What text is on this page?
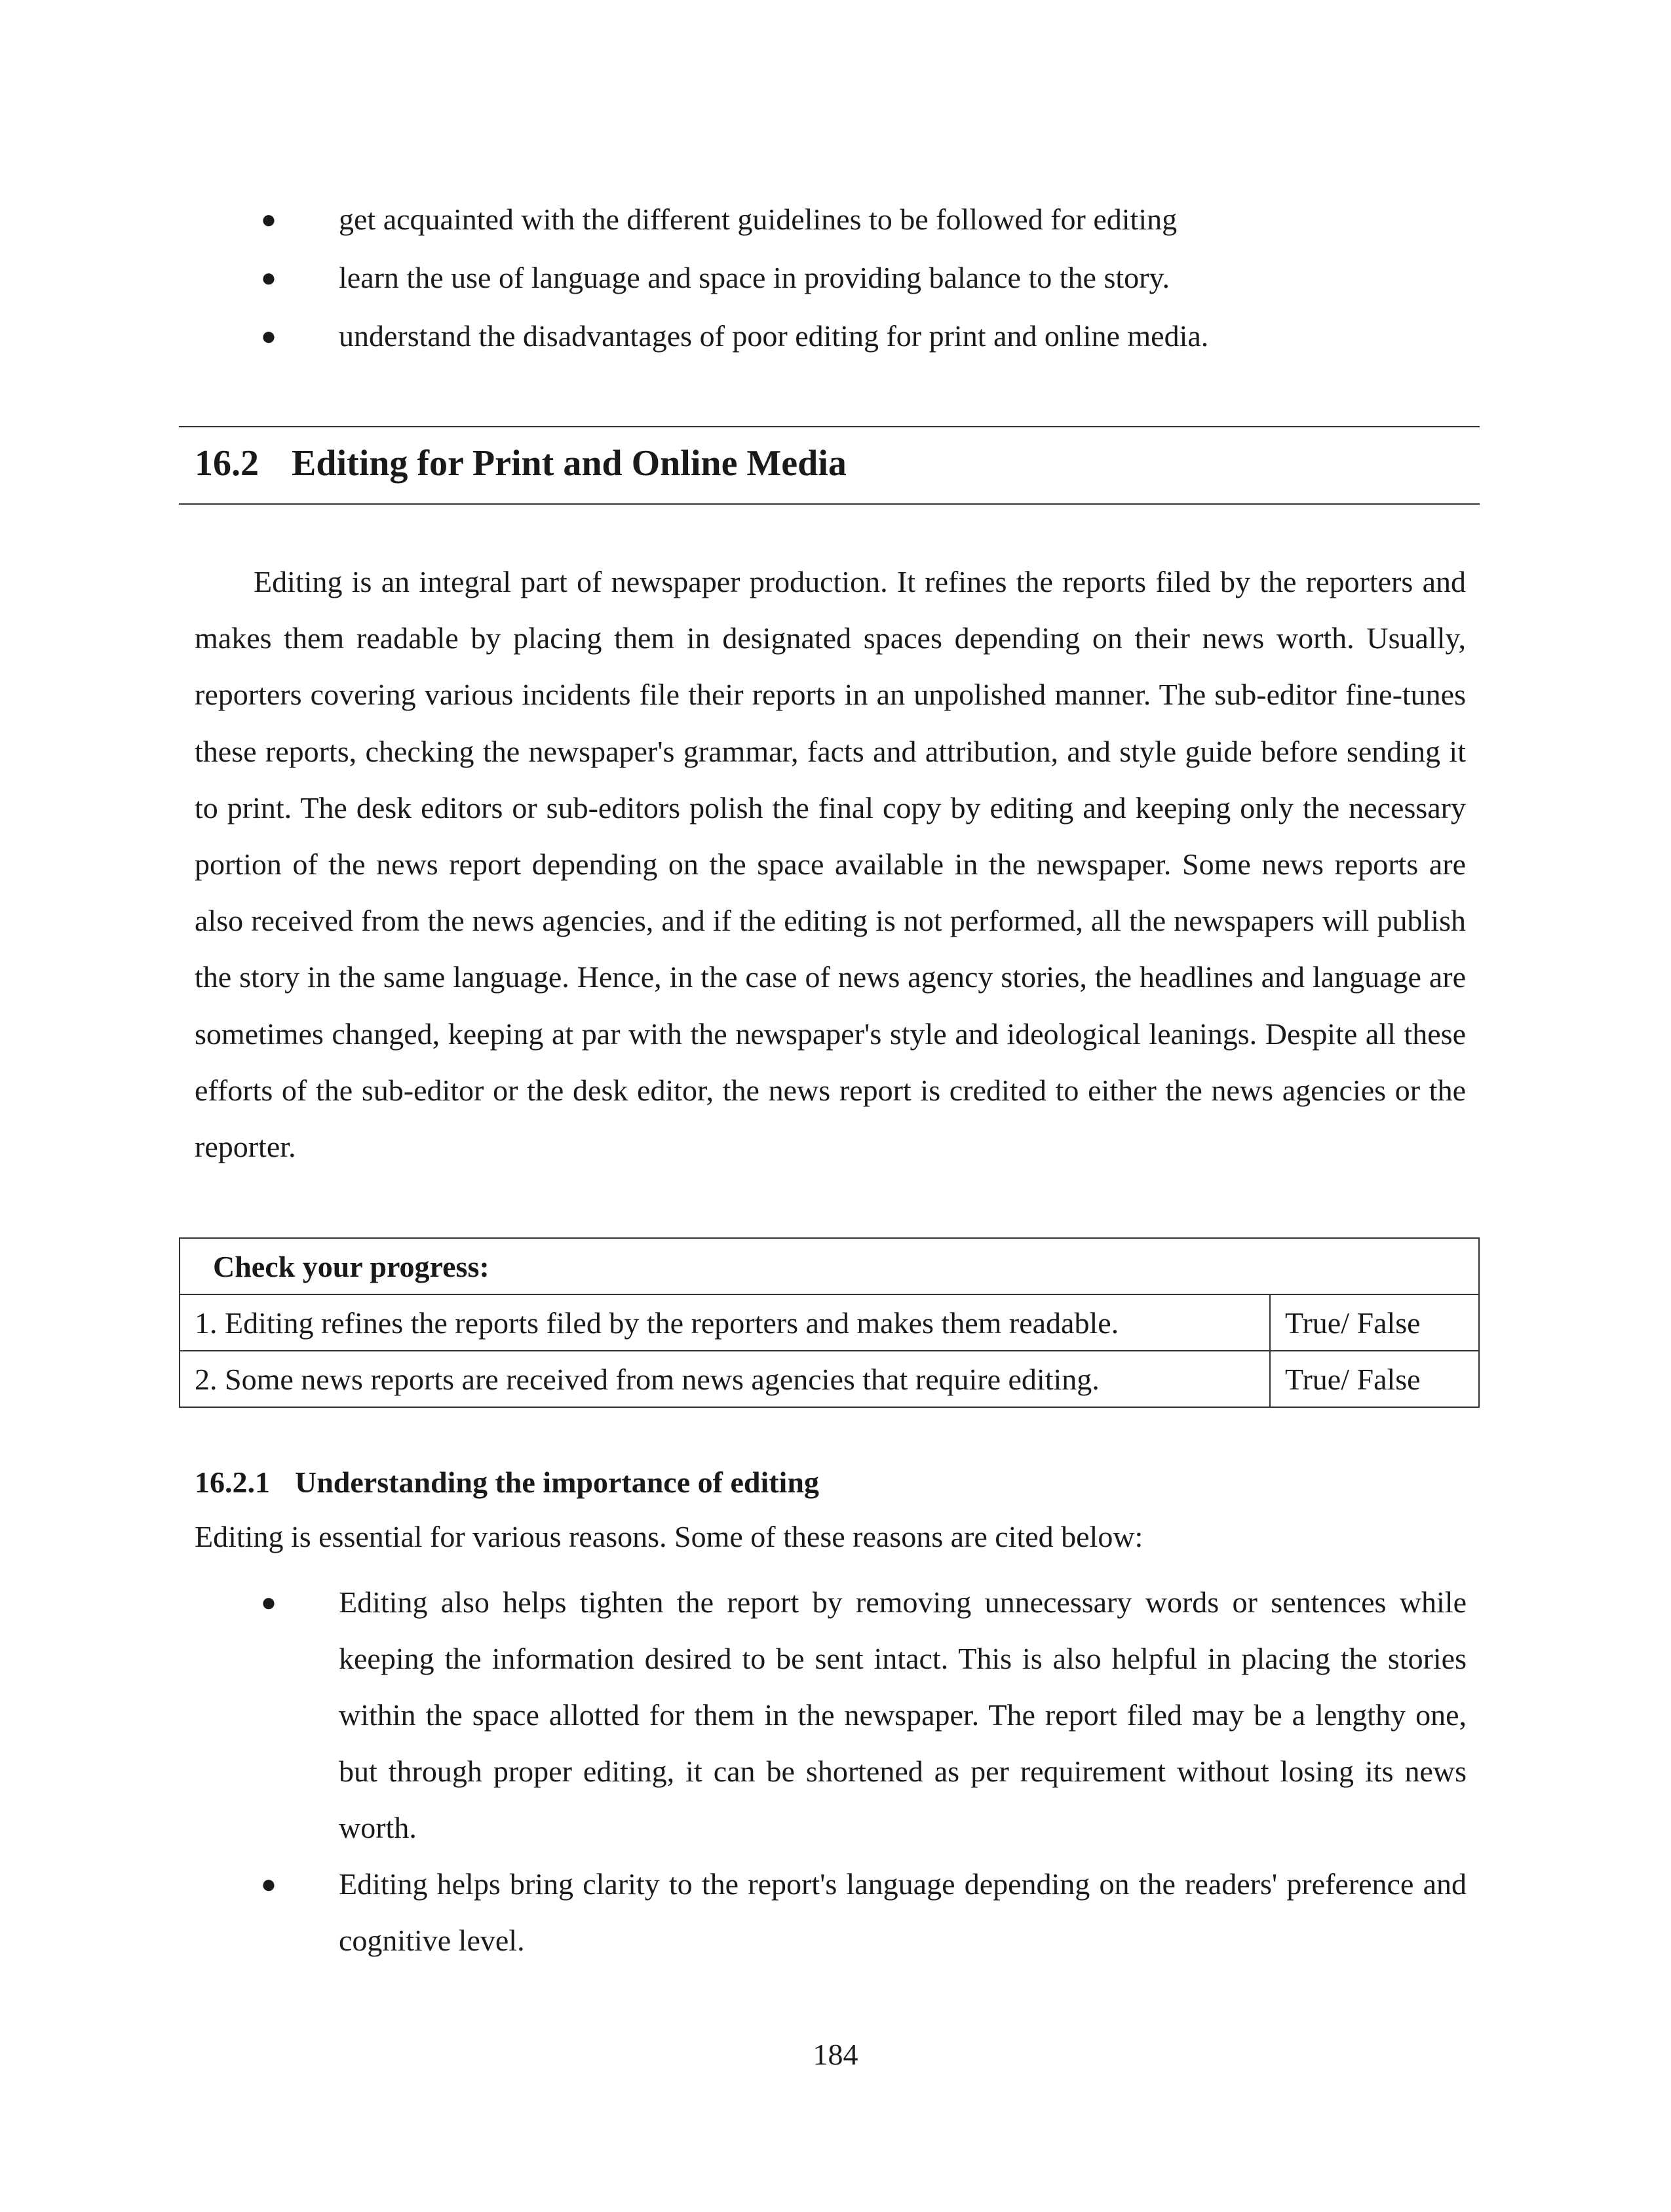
●	get acquainted with the different guidelines to be followed for editing
●	learn the use of language and space in providing balance to the story.
●	understand the disadvantages of poor editing for print and online media.
16.2 Editing for Print and Online Media

Editing is an integral part of newspaper production. It refines the reports filed by the reporters and makes them readable by placing them in designated spaces depending on their news worth. Usually, reporters covering various incidents file their reports in an unpolished manner. The sub-editor fine-tunes these reports, checking the newspaper's grammar, facts and attribution, and style guide before sending it to print. The desk editors or sub-editors polish the final copy by editing and keeping only the necessary portion of the news report depending on the space available in the newspaper. Some news reports are also received from the news agencies, and if the editing is not performed, all the newspapers will publish the story in the same language. Hence, in the case of news agency stories, the headlines and language are sometimes changed, keeping at par with the newspaper's style and ideological leanings. Despite all these efforts of the sub-editor or the desk editor, the news report is credited to either the news agencies or the reporter.

Check your progress:	
1. Editing refines the reports filed by the reporters and makes them readable.	True/ False
2. Some news reports are received from news agencies that require editing.	True/ False
16.2.1 Understanding the importance of editing
Editing is essential for various reasons. Some of these reasons are cited below:
●	Editing also helps tighten the report by removing unnecessary words or sentences while keeping the information desired to be sent intact. This is also helpful in placing the stories within the space allotted for them in the newspaper. The report filed may be a lengthy one, but through proper editing, it can be shortened as per requirement without losing its news worth.
●	Editing helps bring clarity to the report's language depending on the readers' preference and cognitive level.
184
